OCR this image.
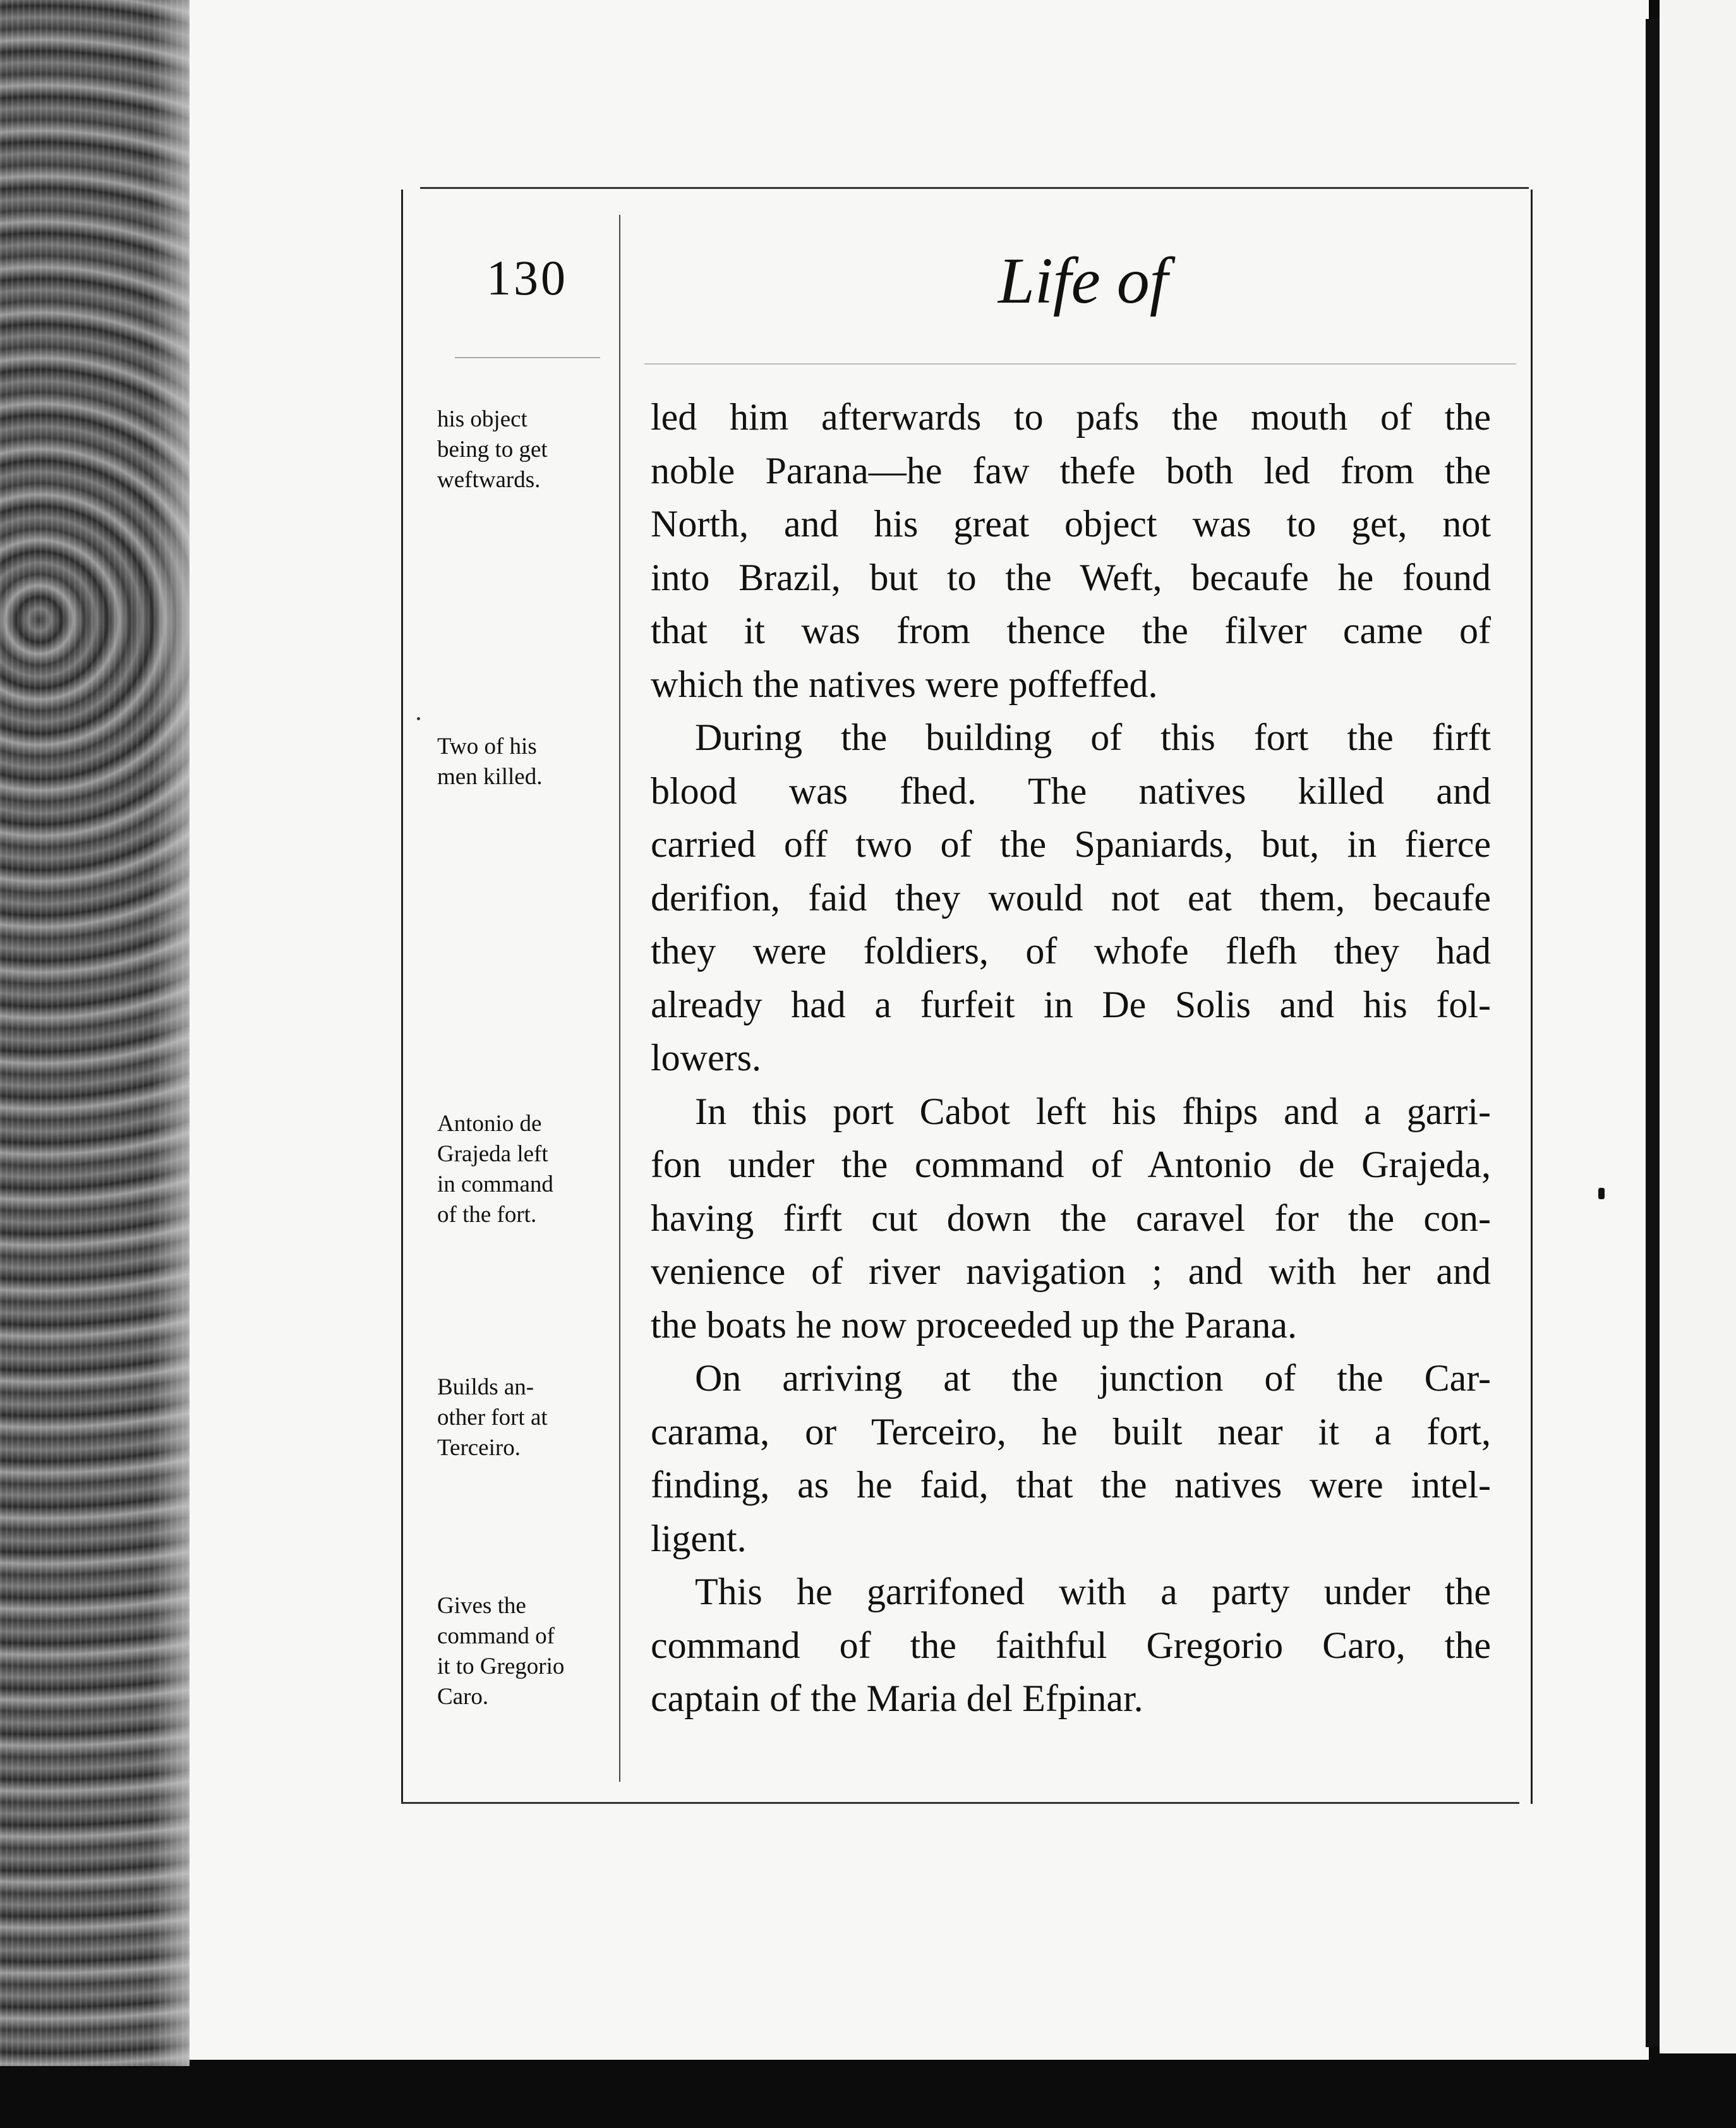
130	Life of

his object
being to get
weftwards.

Two of his
men killed.

Antonio de
Grajeda left
in command
of the fort.

Builds an-
other fort at
Terceiro.

Gives the
command of
it to Gregorio
Caro.

led him afterwards to pafs the mouth of the
noble Parana—he faw thefe both led from the
North, and his great object was to get, not
into Brazil, but to the Weft, becaufe he found
that it was from thence the filver came of
which the natives were poffeffed.
During the building of this fort the firft
blood was fhed. The natives killed and
carried off two of the Spaniards, but, in fierce
derifion, faid they would not eat them, becaufe
they were foldiers, of whofe flefh they had
already had a furfeit in De Solis and his fol-
lowers.
In this port Cabot left his fhips and a garri-
fon under the command of Antonio de Grajeda,
having firft cut down the caravel for the con-
venience of river navigation ; and with her and
the boats he now proceeded up the Parana.
On arriving at the junction of the Car-
carama, or Terceiro, he built near it a fort,
finding, as he faid, that the natives were intel-
ligent.
This he garrifoned with a party under the
command of the faithful Gregorio Caro, the
captain of the Maria del Efpinar.
